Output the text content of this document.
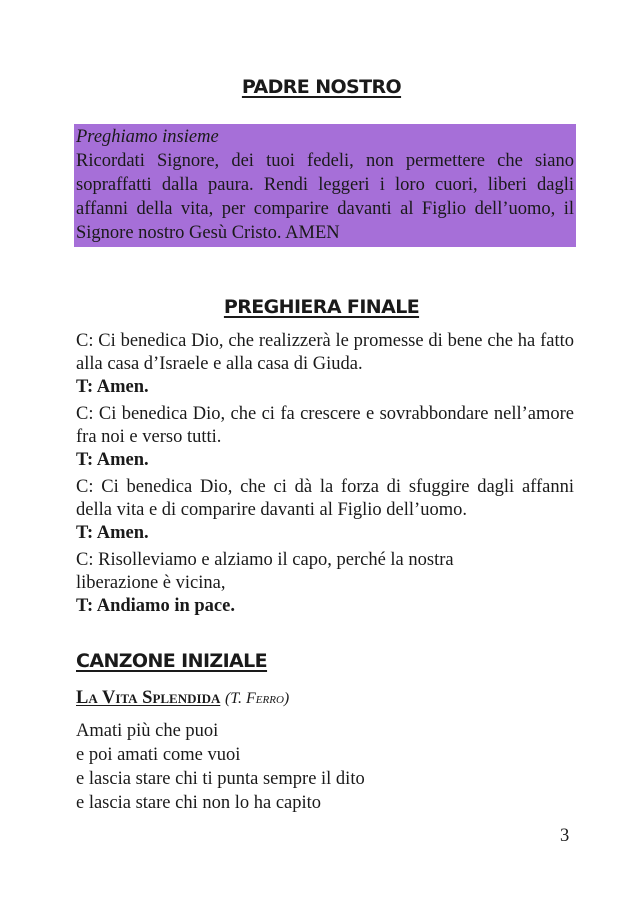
PADRE NOSTRO
Preghiamo insieme
Ricordati Signore, dei tuoi fedeli, non permettere che siano sopraffatti dalla paura. Rendi leggeri i loro cuori, liberi dagli affanni della vita, per comparire davanti al Figlio dell’uomo, il Signore nostro Gesù Cristo. AMEN
PREGHIERA FINALE
C: Ci benedica Dio, che realizzerà le promesse di bene che ha fatto alla casa d’Israele e alla casa di Giuda.
T: Amen.
C: Ci benedica Dio, che ci fa crescere e sovrabbondare nell’amore fra noi e verso tutti.
T: Amen.
C: Ci benedica Dio, che ci dà la forza di sfuggire dagli affanni della vita e di comparire davanti al Figlio dell’uomo.
T: Amen.
C: Risolleviamo e alziamo il capo, perché la nostra
liberazione è vicina,
T: Andiamo in pace.
CANZONE INIZIALE
La Vita Splendida (T. Ferro)
Amati più che puoi
e poi amati come vuoi
e lascia stare chi ti punta sempre il dito
e lascia stare chi non lo ha capito
3
